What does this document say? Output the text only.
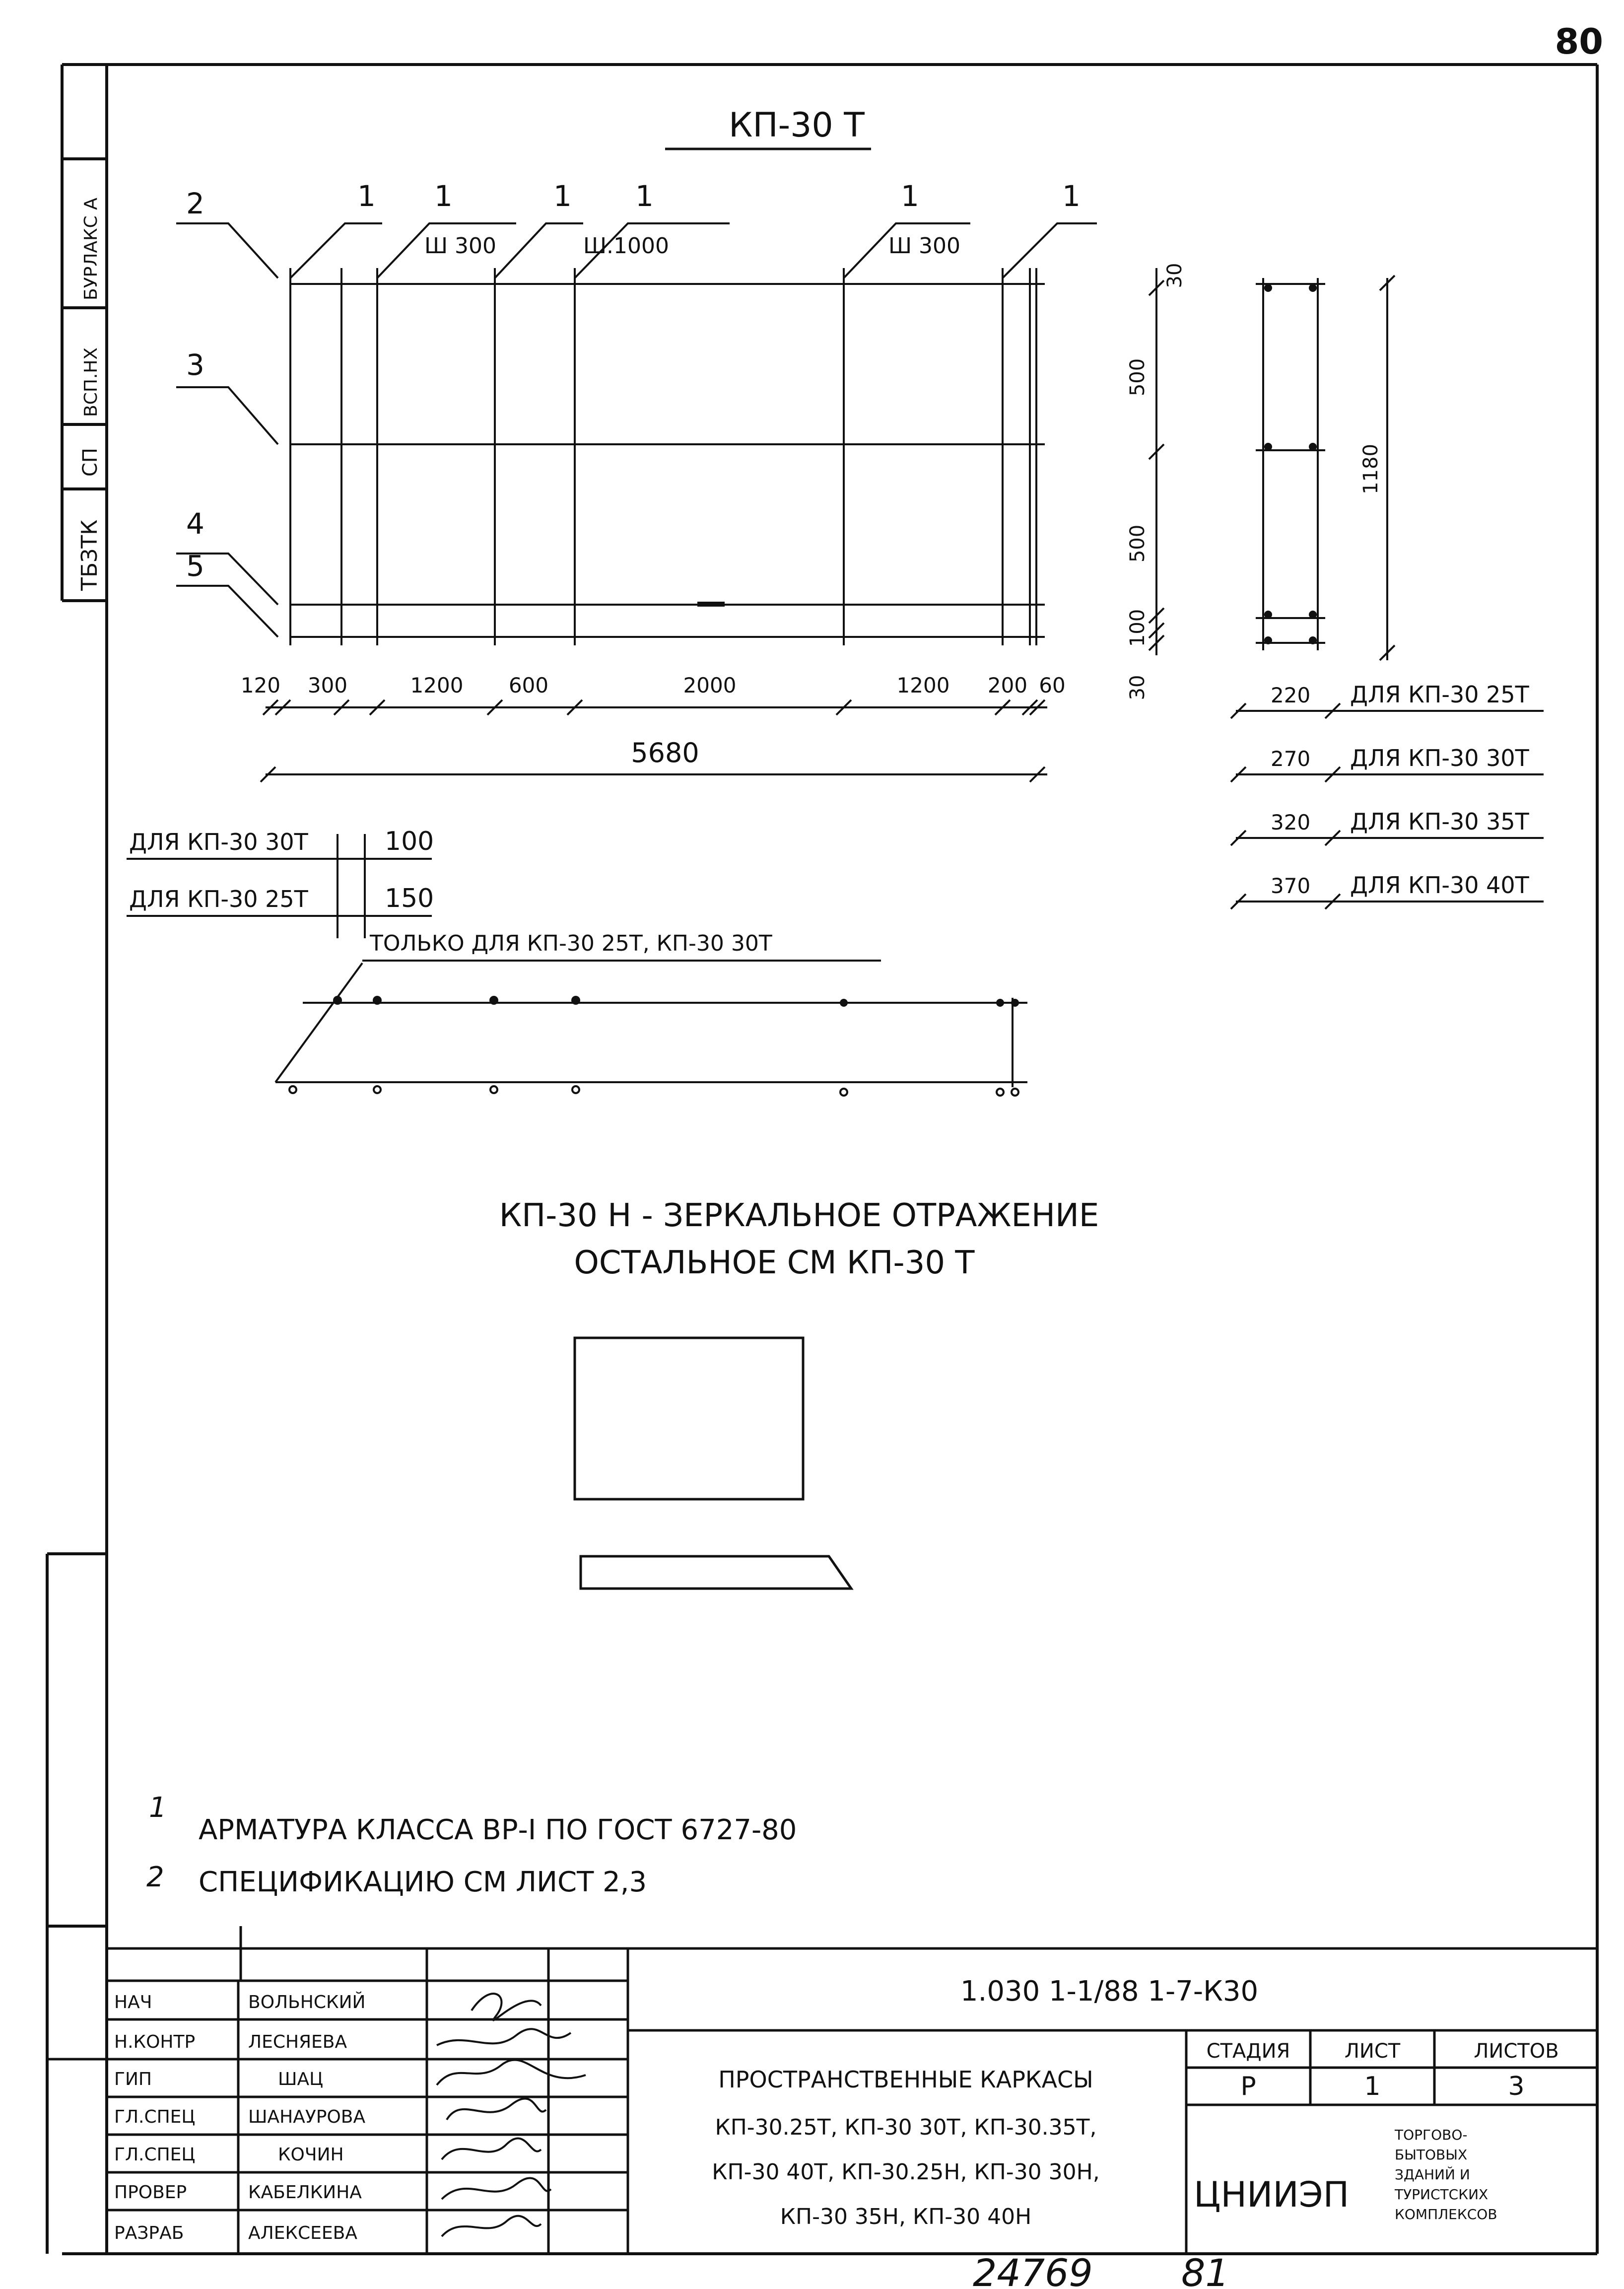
80
ТБЗТК
СП
ВСП.НХ
БУРЛАКС А
КП-30 Т
2	1 1	1 1	1	1
3
4
5
Ш 300	Ш.1000	Ш 300
120 300	1200 600	2000	1200 200 60
5680
30
500
500
100
30
1180
220 ДЛЯ КП-30 25Т
270 ДЛЯ КП-30 30Т
320 ДЛЯ КП-30 35Т
370 ДЛЯ КП-30 40Т
ДЛЯ КП-30 30Т	100
ДЛЯ КП-30 25Т	150
ТОЛЬКО ДЛЯ КП-30 25Т, КП-30 30Т
КП-30 Н - ЗЕРКАЛЬНОЕ ОТРАЖЕНИЕ
ОСТАЛЬНОЕ СМ КП-30 Т
1
АРМАТУРА КЛАССА ВР-I ПО ГОСТ 6727-80
2 СПЕЦИФИКАЦИЮ СМ ЛИСТ 2,3
НАЧ	ВОЛЬНСКИЙ
Н.КОНТР	ЛЕСНЯЕВА
ГИП	ШАЦ
ГЛ.СПЕЦ	ШАНАУРОВА
ГЛ.СПЕЦ	КОЧИН
ПРОВЕР	КАБЕЛКИНА
РАЗРАБ	АЛЕКСЕЕВА
1.030 1-1/88 1-7-К30
ПРОСТРАНСТВЕННЫЕ КАРКАСЫ
КП-30.25Т, КП-30 30Т, КП-30.35Т,
КП-30 40Т, КП-30.25Н, КП-30 30Н,
КП-30 35Н, КП-30 40Н
СТАДИЯ	ЛИСТ	ЛИСТОВ
Р	1	3
ЦНИИЭП
ТОРГОВО-
БЫТОВЫХ
ЗДАНИЙ И
ТУРИСТСКИХ
КОМПЛЕКСОВ
24769 81
